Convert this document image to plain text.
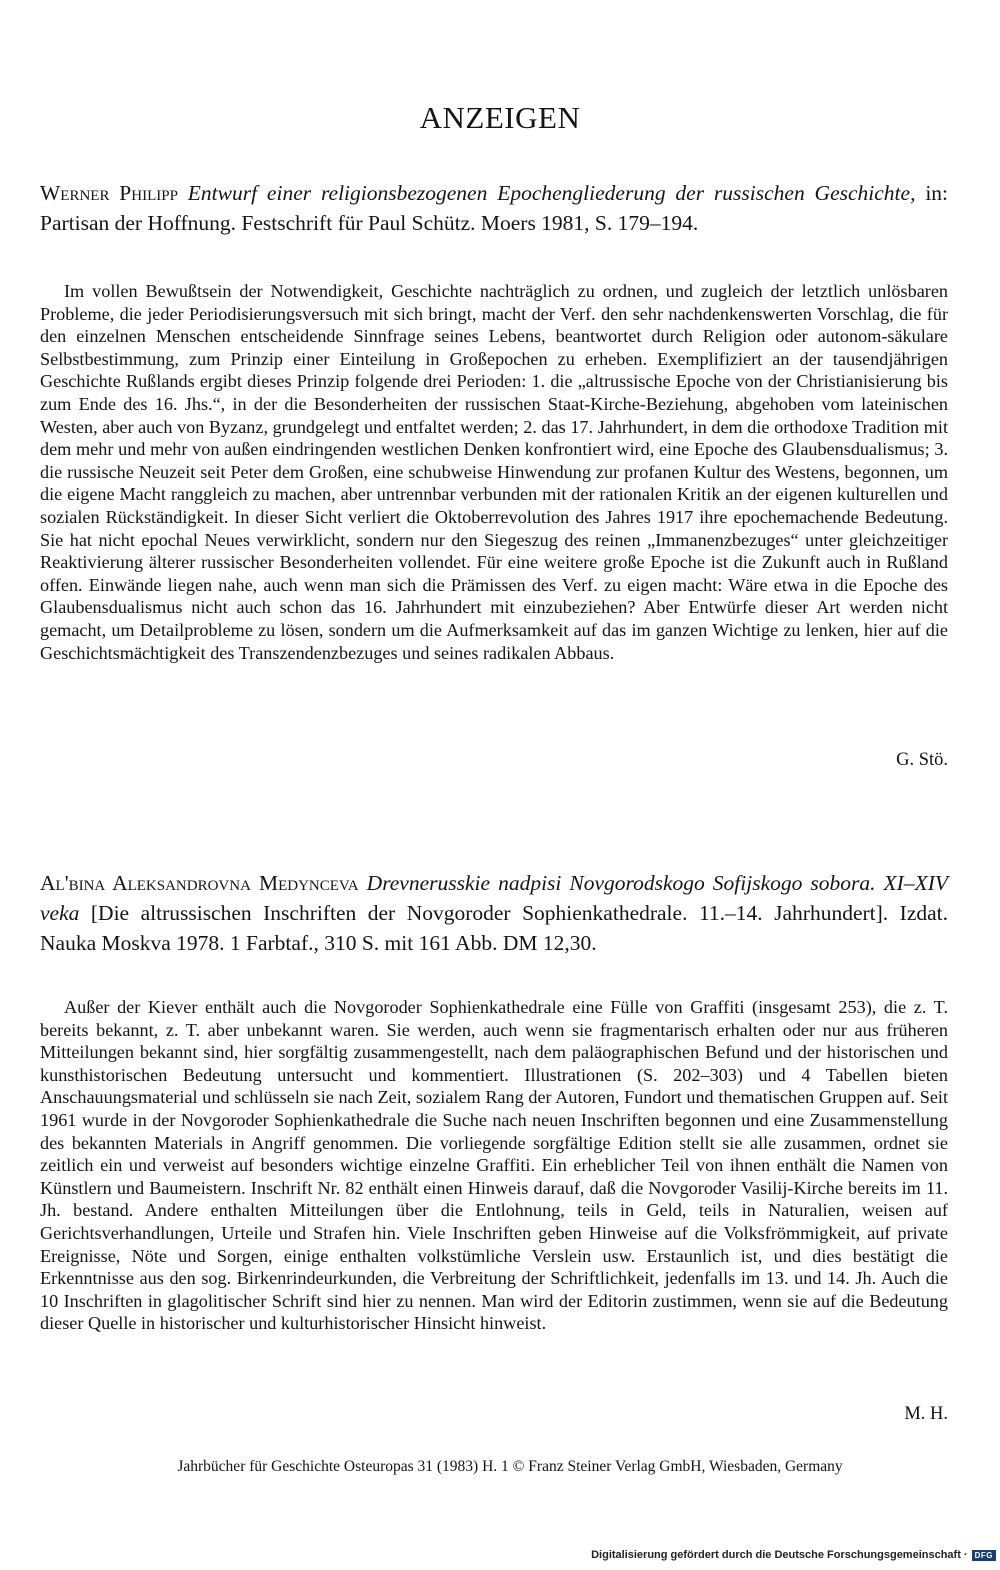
ANZEIGEN
Werner Philipp Entwurf einer religionsbezogenen Epochengliederung der russischen Geschichte, in: Partisan der Hoffnung. Festschrift für Paul Schütz. Moers 1981, S. 179–194.

Im vollen Bewußtsein der Notwendigkeit, Geschichte nachträglich zu ordnen, und zugleich der letztlich unlösbaren Probleme, die jeder Periodisierungsversuch mit sich bringt, macht der Verf. den sehr nachdenkenswerten Vorschlag, die für den einzelnen Menschen entscheidende Sinnfrage seines Lebens, beantwortet durch Religion oder autonom-säkulare Selbstbestimmung, zum Prinzip einer Einteilung in Großepochen zu erheben. Exemplifiziert an der tausendjährigen Geschichte Rußlands ergibt dieses Prinzip folgende drei Perioden: 1. die „altrussische Epoche von der Christianisierung bis zum Ende des 16. Jhs.“, in der die Besonderheiten der russischen Staat-Kirche-Beziehung, abgehoben vom lateinischen Westen, aber auch von Byzanz, grundgelegt und entfaltet werden; 2. das 17. Jahrhundert, in dem die orthodoxe Tradition mit dem mehr und mehr von außen eindringenden westlichen Denken konfrontiert wird, eine Epoche des Glaubensdualismus; 3. die russische Neuzeit seit Peter dem Großen, eine schubweise Hinwendung zur profanen Kultur des Westens, begonnen, um die eigene Macht ranggleich zu machen, aber untrennbar verbunden mit der rationalen Kritik an der eigenen kulturellen und sozialen Rückständigkeit. In dieser Sicht verliert die Oktoberrevolution des Jahres 1917 ihre epochemachende Bedeutung. Sie hat nicht epochal Neues verwirklicht, sondern nur den Siegeszug des reinen „Immanenzbezuges“ unter gleichzeitiger Reaktivierung älterer russischer Besonderheiten vollendet. Für eine weitere große Epoche ist die Zukunft auch in Rußland offen. Einwände liegen nahe, auch wenn man sich die Prämissen des Verf. zu eigen macht: Wäre etwa in die Epoche des Glaubensdualismus nicht auch schon das 16. Jahrhundert mit einzubeziehen? Aber Entwürfe dieser Art werden nicht gemacht, um Detailprobleme zu lösen, sondern um die Aufmerksamkeit auf das im ganzen Wichtige zu lenken, hier auf die Geschichtsmächtigkeit des Transzendenzbezuges und seines radikalen Abbaus.

G. Stö.
Al'bina Aleksandrovna Medynceva Drevnerusskie nadpisi Novgorodskogo Sofijskogo sobora. XI–XIV veka [Die altrussischen Inschriften der Novgoroder Sophienkathedrale. 11.–14. Jahrhundert]. Izdat. Nauka Moskva 1978. 1 Farbtaf., 310 S. mit 161 Abb. DM 12,30.

Außer der Kiever enthält auch die Novgoroder Sophienkathedrale eine Fülle von Graffiti (insgesamt 253), die z. T. bereits bekannt, z. T. aber unbekannt waren. Sie werden, auch wenn sie fragmentarisch erhalten oder nur aus früheren Mitteilungen bekannt sind, hier sorgfältig zusammengestellt, nach dem paläographischen Befund und der historischen und kunsthistorischen Bedeutung untersucht und kommentiert. Illustrationen (S. 202–303) und 4 Tabellen bieten Anschauungsmaterial und schlüsseln sie nach Zeit, sozialem Rang der Autoren, Fundort und thematischen Gruppen auf. Seit 1961 wurde in der Novgoroder Sophienkathedrale die Suche nach neuen Inschriften begonnen und eine Zusammenstellung des bekannten Materials in Angriff genommen. Die vorliegende sorgfältige Edition stellt sie alle zusammen, ordnet sie zeitlich ein und verweist auf besonders wichtige einzelne Graffiti. Ein erheblicher Teil von ihnen enthält die Namen von Künstlern und Baumeistern. Inschrift Nr. 82 enthält einen Hinweis darauf, daß die Novgoroder Vasilij-Kirche bereits im 11. Jh. bestand. Andere enthalten Mitteilungen über die Entlohnung, teils in Geld, teils in Naturalien, weisen auf Gerichtsverhandlungen, Urteile und Strafen hin. Viele Inschriften geben Hinweise auf die Volksfrömmigkeit, auf private Ereignisse, Nöte und Sorgen, einige enthalten volkstümliche Verslein usw. Erstaunlich ist, und dies bestätigt die Erkenntnisse aus den sog. Birkenrindeurkunden, die Verbreitung der Schriftlichkeit, jedenfalls im 13. und 14. Jh. Auch die 10 Inschriften in glagolitischer Schrift sind hier zu nennen. Man wird der Editorin zustimmen, wenn sie auf die Bedeutung dieser Quelle in historischer und kulturhistorischer Hinsicht hinweist.

M. H.
Jahrbücher für Geschichte Osteuropas 31 (1983) H. 1 © Franz Steiner Verlag GmbH, Wiesbaden, Germany
Digitalisierung gefördert durch die Deutsche Forschungsgemeinschaft · DFG
